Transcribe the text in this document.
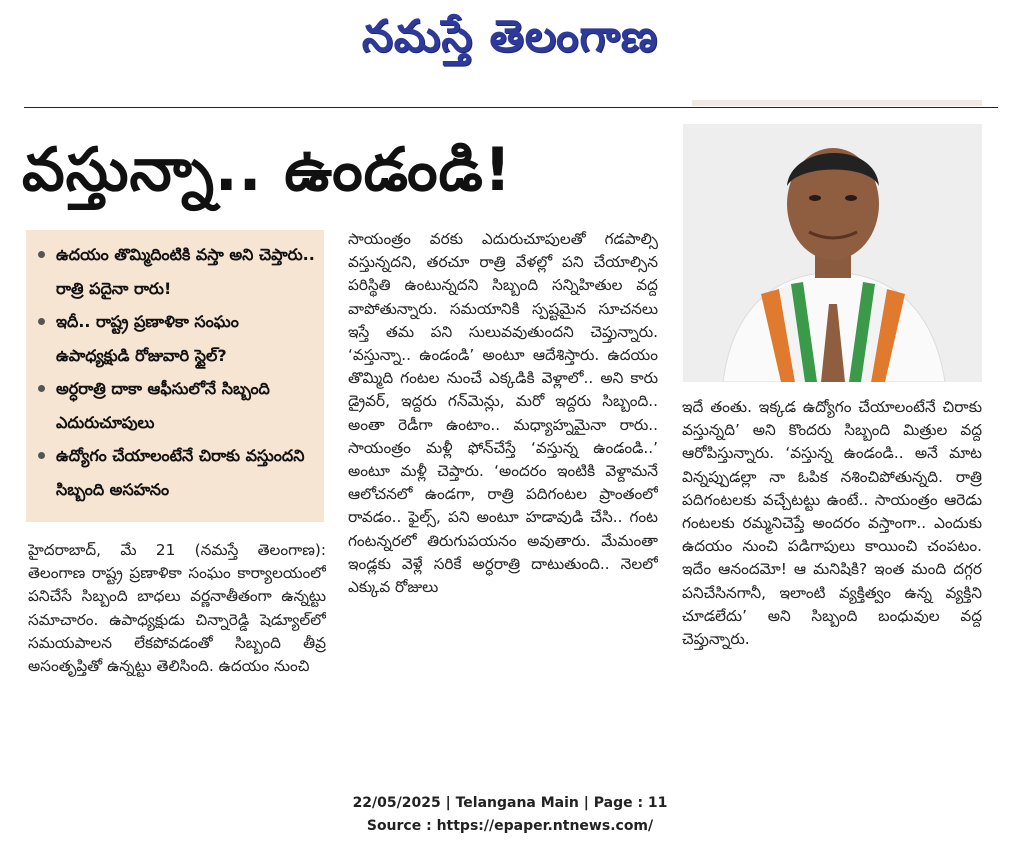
నమస్తే తెలంగాణ
వస్తున్నా.. ఉండండి!
ఉదయం తొమ్మిదింటికి వస్తా అని చెప్తారు.. రాత్రి పదైనా రారు!
ఇదీ.. రాష్ట్ర ప్రణాళికా సంఘం ఉపాధ్యక్షుడి రోజువారి స్టైల్?
అర్ధరాత్రి దాకా ఆఫీసులోనే సిబ్బంది ఎదురుచూపులు
ఉద్యోగం చేయాలంటేనే చిరాకు వస్తుందని సిబ్బంది అసహనం

హైదరాబాద్, మే 21 (నమస్తే తెలంగాణ): తెలంగాణ రాష్ట్ర ప్రణాళికా సంఘం కార్యాలయంలో పనిచేసే సిబ్బంది బాధలు వర్ణనాతీతంగా ఉన్నట్టు సమాచారం. ఉపాధ్యక్షుడు చిన్నారెడ్డి షెడ్యూల్‌లో సమయపాలన లేకపోవడంతో సిబ్బంది తీవ్ర అసంతృప్తితో ఉన్నట్టు తెలిసింది. ఉదయం నుంచి

సాయంత్రం వరకు ఎదురుచూపులతో గడపాల్సి వస్తున్నదని, తరచూ రాత్రి వేళల్లో పని చేయాల్సిన పరిస్థితి ఉంటున్నదని సిబ్బంది సన్నిహితుల వద్ద వాపోతున్నారు. సమయానికి స్పష్టమైన సూచనలు ఇస్తే తమ పని సులువవుతుందని చెప్తున్నారు. ‘వస్తున్నా.. ఉండండి’ అంటూ ఆదేశిస్తారు. ఉదయం తొమ్మిది గంటల నుంచే ఎక్కడికి వెళ్లాలో.. అని కారు డ్రైవర్, ఇద్దరు గన్‌మెన్లు, మరో ఇద్దరు సిబ్బంది.. అంతా రెడీగా ఉంటాం.. మధ్యాహ్నమైనా రారు.. సాయంత్రం మళ్లీ ఫోన్‌చేస్తే ‘వస్తున్న ఉండండి..’ అంటూ మళ్లీ చెప్తారు. ‘అందరం ఇంటికి వెళ్దామనే ఆలోచనలో ఉండగా, రాత్రి పదిగంటల ప్రాంతంలో రావడం.. ఫైల్స్, పని అంటూ హడావుడి చేసి.. గంట గంటన్నరలో తిరుగుపయనం అవుతారు. మేమంతా ఇండ్లకు వెళ్లే సరికే అర్ధరాత్రి దాటుతుంది.. నెలలో ఎక్కువ రోజులు

ఇదే తంతు. ఇక్కడ ఉద్యోగం చేయాలంటేనే చిరాకు వస్తున్నది’ అని కొందరు సిబ్బంది మిత్రుల వద్ద ఆరోపిస్తున్నారు. ‘వస్తున్న ఉండండి.. అనే మాట విన్నప్పుడల్లా నా ఓపిక నశించిపోతున్నది. రాత్రి పదిగంటలకు వచ్చేటట్టు ఉంటే.. సాయంత్రం ఆరెడు గంటలకు రమ్మనిచెప్తే అందరం వస్తాంగా.. ఎందుకు ఉదయం నుంచి పడిగాపులు కాయించి చంపటం. ఇదేం ఆనందమో! ఆ మనిషికి? ఇంత మంది దగ్గర పనిచేసినగానీ, ఇలాంటి వ్యక్తిత్వం ఉన్న వ్యక్తిని చూడలేదు’ అని సిబ్బంది బంధువుల వద్ద చెప్తున్నారు.

22/05/2025 | Telangana Main | Page : 11
Source : https://epaper.ntnews.com/
